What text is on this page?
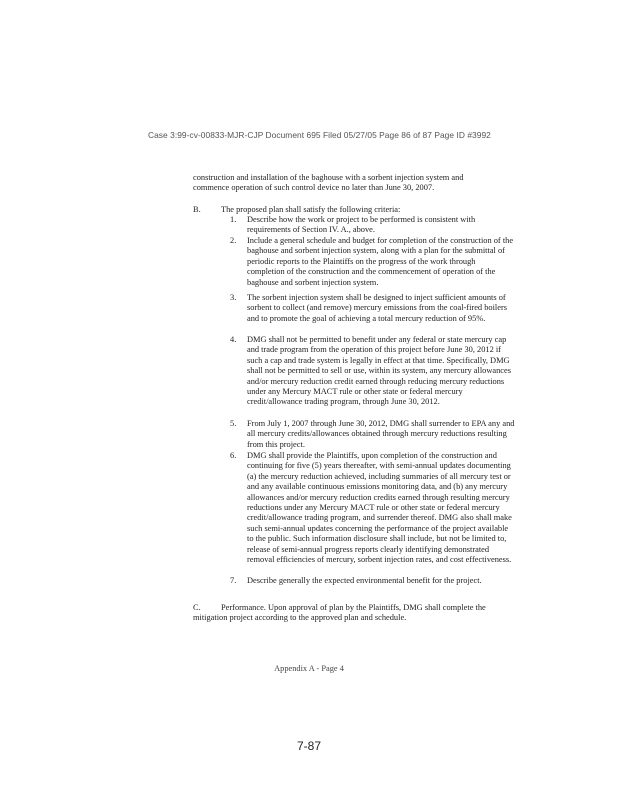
Case 3:99-cv-00833-MJR-CJP Document 695 Filed 05/27/05 Page 86 of 87 Page ID #3992
construction and installation of the baghouse with a sorbent injection system and commence operation of such control device no later than June 30, 2007.
B. The proposed plan shall satisfy the following criteria:
1. Describe how the work or project to be performed is consistent with requirements of Section IV. A., above.
2. Include a general schedule and budget for completion of the construction of the baghouse and sorbent injection system, along with a plan for the submittal of periodic reports to the Plaintiffs on the progress of the work through completion of the construction and the commencement of operation of the baghouse and sorbent injection system.
3. The sorbent injection system shall be designed to inject sufficient amounts of sorbent to collect (and remove) mercury emissions from the coal-fired boilers and to promote the goal of achieving a total mercury reduction of 95%.
4. DMG shall not be permitted to benefit under any federal or state mercury cap and trade program from the operation of this project before June 30, 2012 if such a cap and trade system is legally in effect at that time. Specifically, DMG shall not be permitted to sell or use, within its system, any mercury allowances and/or mercury reduction credit earned through reducing mercury reductions under any Mercury MACT rule or other state or federal mercury credit/allowance trading program, through June 30, 2012.
5. From July 1, 2007 through June 30, 2012, DMG shall surrender to EPA any and all mercury credits/allowances obtained through mercury reductions resulting from this project.
6. DMG shall provide the Plaintiffs, upon completion of the construction and continuing for five (5) years thereafter, with semi-annual updates documenting (a) the mercury reduction achieved, including summaries of all mercury test or and any available continuous emissions monitoring data, and (b) any mercury allowances and/or mercury reduction credits earned through resulting mercury reductions under any Mercury MACT rule or other state or federal mercury credit/allowance trading program, and surrender thereof. DMG also shall make such semi-annual updates concerning the performance of the project available to the public. Such information disclosure shall include, but not be limited to, release of semi-annual progress reports clearly identifying demonstrated removal efficiencies of mercury, sorbent injection rates, and cost effectiveness.
7. Describe generally the expected environmental benefit for the project.
C.	Performance. Upon approval of plan by the Plaintiffs, DMG shall complete the mitigation project according to the approved plan and schedule.
Appendix A - Page 4
7-87
